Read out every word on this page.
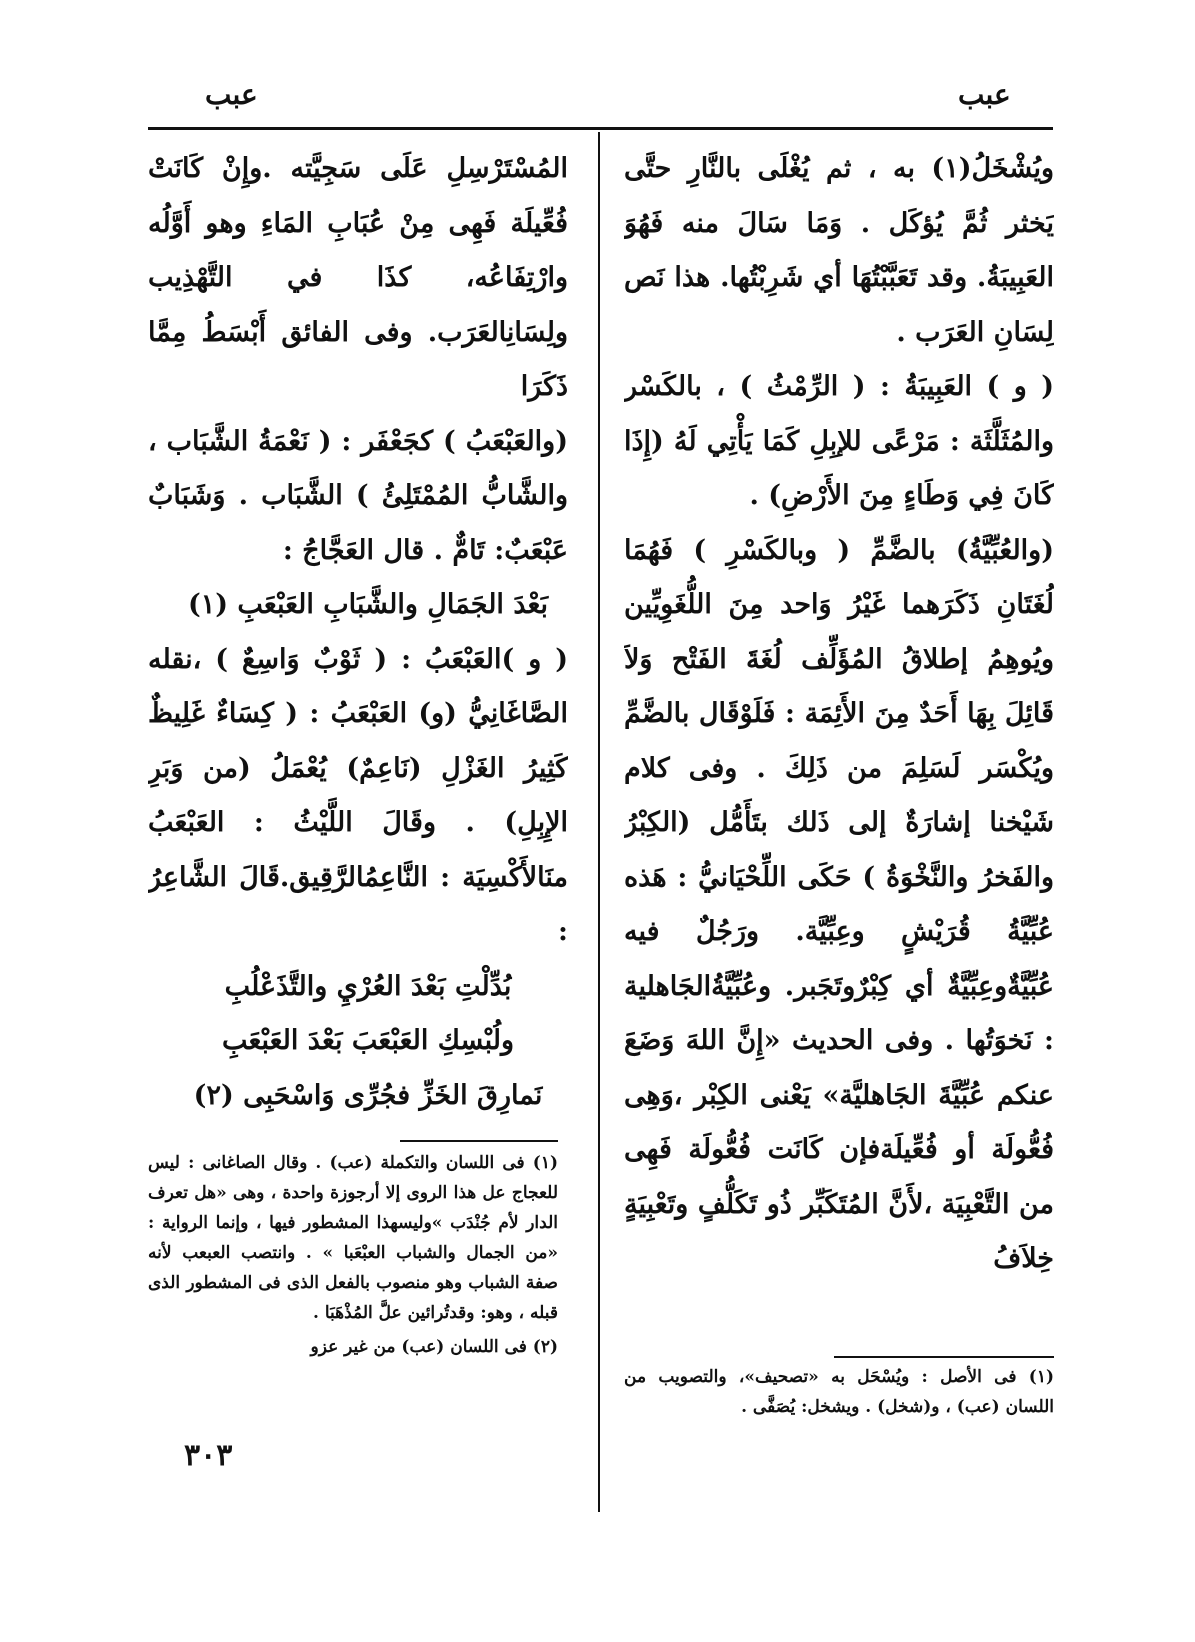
عبب	عبب

ويُشْخَلُ(١) به ، ثم يُغْلَى بالنَّارِ حتَّى يَخثر ثُمَّ يُؤكَل . وَمَا سَالَ منه فَهُوَ العَبِيبَةُ. وقد تَعَبَّبْتُهَا أي شَرِبْتُها. هذا نَص لِسَانِ العَرَب .

( و ) العَبِيبَةُ : ( الرِّمْثُ ) ، بالكَسْر والمُثَلَّثَة : مَرْعًى للإبِلِ كَمَا يَأْتِي لَهُ (إِذَا كَانَ فِي وَطَاءٍ مِنَ الأَرْضِ) .

(والعُبِّيَّةُ) بالضَّمِّ ( وبالكَسْرِ ) فَهُمَا لُغَتَانِ ذَكَرَهما غَيْرُ وَاحد مِنَ اللُّغَوِيِّين ويُوهِمُ إطلاقُ المُؤَلِّف لُغَةَ الفَتْح وَلاَ قَائِلَ بِهَا أَحَدٌ مِنَ الأَئِمَة : فَلَوْقَال بالضَّمِّ ويُكْسَر لَسَلِمَ من ذَلِكَ . وفى كلام شَيْخنا إشارَةٌ إلى ذَلك بتَأَمُّل (الكِبْرُ والفَخرُ والنَّخْوَةُ ) حَكَى اللِّحْيَانيُّ : هَذه عُبِّيَّةُ قُرَيْشٍ وعِبِّيَّة. ورَجُلٌ فيه عُبِّيَّةٌوعِبِّيَّةٌ أي كِبْرٌوتَجَبر. وعُبِّيَّةُالجَاهلية : نَخوَتُها . وفى الحديث «إِنَّ اللهَ وَضَعَ عنكم عُبِّيَّةَ الجَاهليَّة» يَعْنى الكِبْر ،وَهِى فُعُّولَة أو فُعِّيلَةفإن كَانَت فُعُّولَة فَهِى من التَّعْبِيَة ،لأَنَّ المُتَكَبِّر ذُو تَكَلُّفٍ وتَعْبِيَةٍ خِلاَفُ

المُسْتَرْسِلِ عَلَى سَجِيَّته .وإِنْ كَانَتْ فُعِّيلَة فَهِى مِنْ عُبَابِ المَاءِ وهو أَوَّلُه وارْتِفَاعُه، كذَا في التَّهْذِيب ولِسَانِالعَرَب. وفى الفائق أَبْسَطُ مِمَّا ذَكَرَا

(والعَبْعَبُ ) كجَعْفَر : ( نَعْمَةُ الشَّبَاب ، والشَّابُّ المُمْتَلِئُ ) الشَّبَاب . وَشَبَابٌ عَبْعَبٌ: تَامٌّ . قال العَجَّاجُ :

بَعْدَ الجَمَالِ والشَّبَابِ العَبْعَبِ (١)

( و )العَبْعَبُ : ( ثَوْبٌ وَاسِعٌ ) ،نقله الصَّاغَانِيُّ (و) العَبْعَبُ : ( كِسَاءٌ غَلِيظٌ كَثِيرُ الغَزْلِ (نَاعِمٌ) يُعْمَلُ (من وَبَرِ الإِبِلِ) . وقَالَ اللَّيْثُ : العَبْعَبُ منَالأَكْسِيَة : النَّاعِمُالرَّقِيق.قَالَ الشَّاعِرُ :

بُدِّلْتِ بَعْدَ العُرْيِ والتَّذَعْلُبِ

ولُبْسِكِ العَبْعَبَ بَعْدَ العَبْعَبِ

نَمارِقَ الخَزِّ فجُرِّى وَاسْحَبِى (٢)

(١) فى اللسان والتكملة (عب) . وقال الصاغانى : ليس للعجاج عل هذا الروى إلا أرجوزة واحدة ، وهى «هل تعرف الدار لأم جُنْدَب »وليسهذا المشطور فيها ، وإنما الرواية : «من الجمال والشباب العبْعَبا » . وانتصب العبعب لأنه صفة الشباب وهو منصوب بالفعل الذى فى المشطور الذى قبله ، وهو: وقدتُرائين علَّ المُذْهَبَا .

(٢) فى اللسان (عب) من غير عزو

(١) فى الأصل : ويُسْحَل به «تصحيف»، والتصويب من اللسان (عب) ، و(شخل) . ويشخل: يُصَفَّى .

٣٠٣
